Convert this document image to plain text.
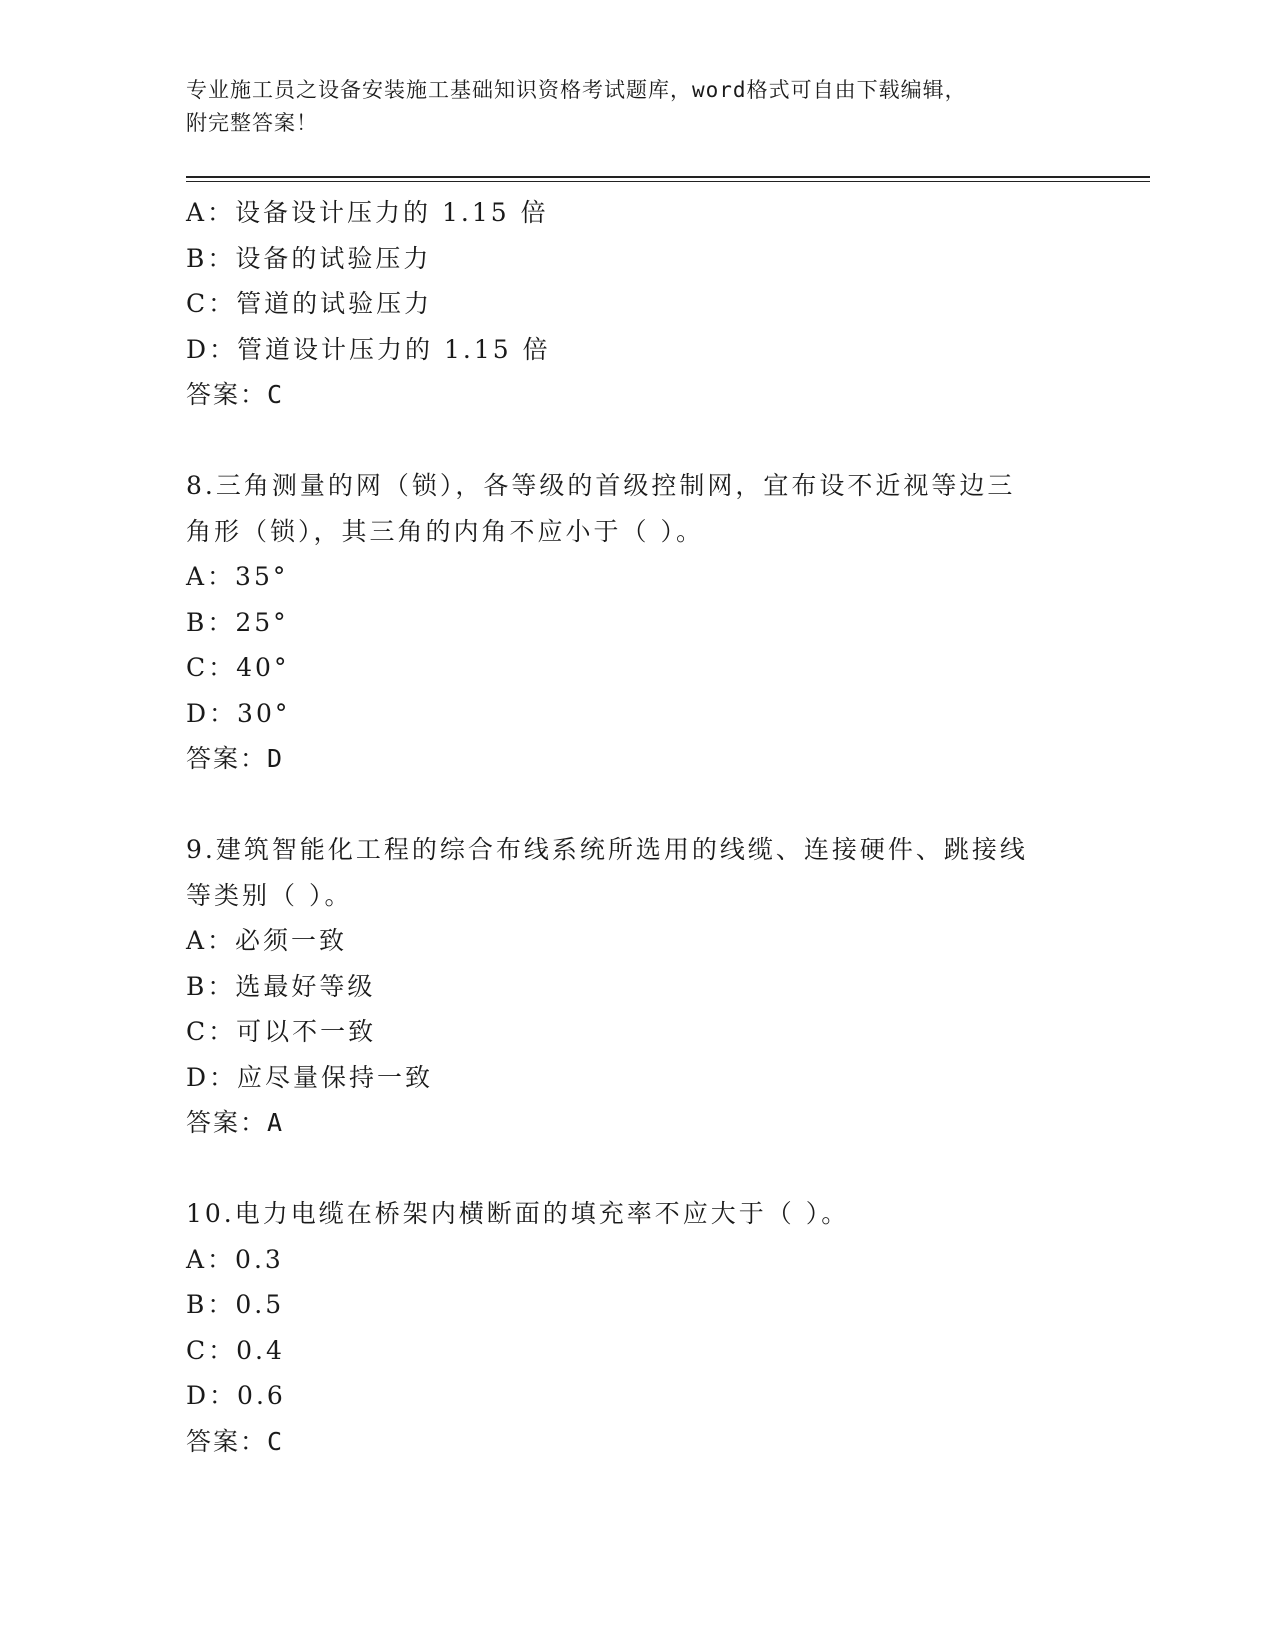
专业施工员之设备安装施工基础知识资格考试题库，word格式可自由下载编辑，
附完整答案！
A：设备设计压力的 1.15 倍
B：设备的试验压力
C：管道的试验压力
D：管道设计压力的 1.15 倍
答案：C
8.三角测量的网（锁），各等级的首级控制网，宜布设不近视等边三
角形（锁），其三角的内角不应小于（ ）。
A：35°
B：25°
C：40°
D：30°
答案：D
9.建筑智能化工程的综合布线系统所选用的线缆、连接硬件、跳接线
等类别（ ）。
A：必须一致
B：选最好等级
C：可以不一致
D：应尽量保持一致
答案：A
10.电力电缆在桥架内横断面的填充率不应大于（ ）。
A：0.3
B：0.5
C：0.4
D：0.6
答案：C
